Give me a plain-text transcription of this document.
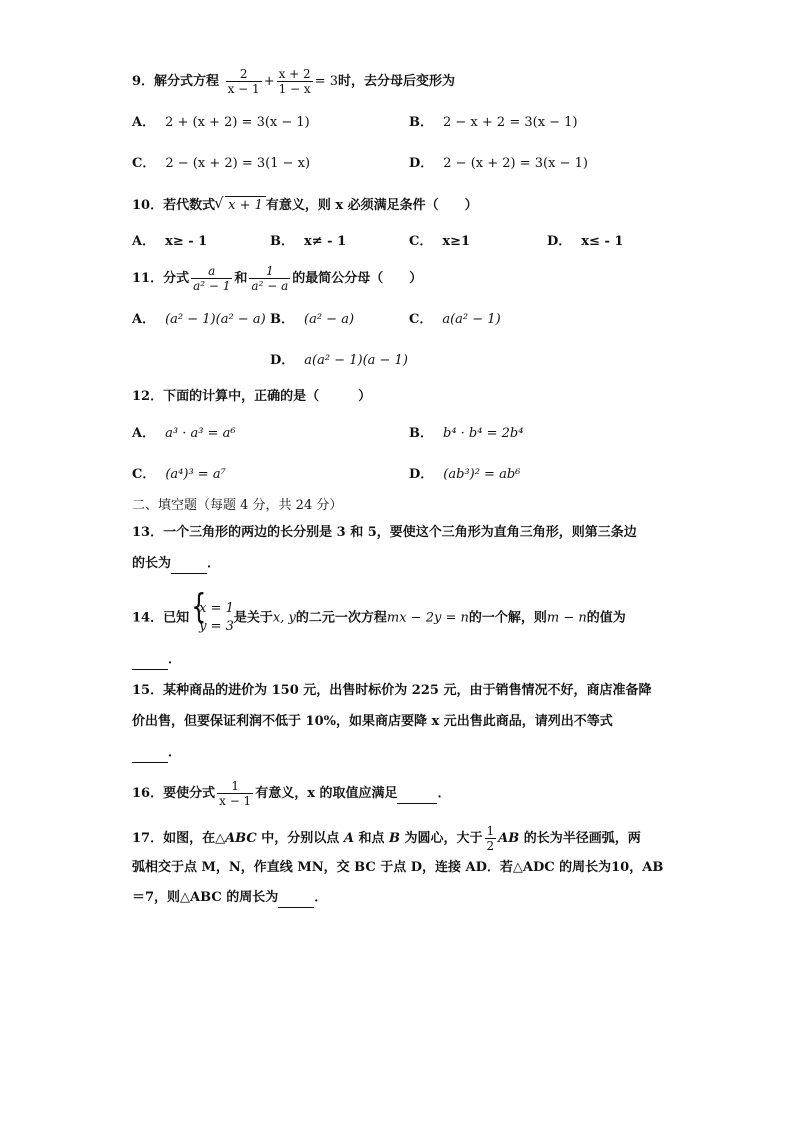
9．解分式方程 $\frac{2}{x - 1} + \frac{x + 2}{1 - x} = 3$时，去分母后变形为
A． 2 + (x + 2) = 3(x − 1)	B． 2 − x + 2 = 3(x − 1)
C． 2 − (x + 2) = 3(1 − x)	D． 2 − (x + 2) = 3(x − 1)
10．若代数式√ x + 1 有意义，则 x 必须满足条件（　　）
A． x≥ - 1	B． x≠ - 1	C． x≥1	D． x≤ - 1
11．分式 $\frac{a}{\text{a² − 1}}$ 和 $\frac{1}{\text{a² − a}}$ 的最简公分母（　　）
A． (a² − 1)(a² − a) B． (a² − a)	C． a(a² − 1)
D． a(a² − 1)(a − 1)
12．下面的计算中，正确的是（　　　）
A． a³ · a³ = a⁶	B． b⁴ · b⁴ = 2b⁴
C． (a⁴)³ = a⁷	D． (ab³)² = ab⁶
二、填空题（每题 4 分，共 24 分）
13．一个三角形的两边的长分别是 3 和 5，要使这个三角形为直角三角形，则第三条边
的长为	．
14．已知
{ x = 1
y = 3
是关于x, y的二元一次方程mx − 2y = n的一个解，则m − n的值为
．
15．某种商品的进价为 150 元，出售时标价为 225 元，由于销售情况不好，商店准备降
价出售，但要保证利润不低于 10%，如果商店要降 x 元出售此商品，请列出不等式
．
16．要使分式 $\frac{1}{x - 1}$ 有意义，x 的取值应满足	．
17．如图，在△ABC 中，分别以点 A 和点 B 为圆心，大于 $\frac{1}{2}$ AB 的长为半径画弧，两
弧相交于点 M，N，作直线 MN，交 BC 于点 D，连接 AD．若△ADC 的周长为10，AB
＝7，则△ABC 的周长为	．
